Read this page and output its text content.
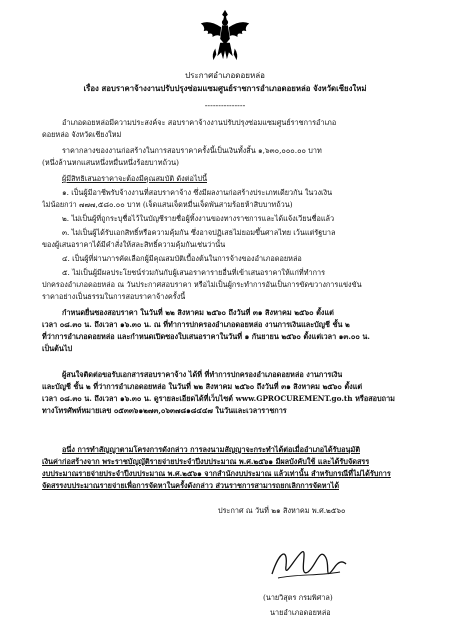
ประกาศอำเภอดอยหล่อ
เรื่อง สอบราคาจ้างงานปรับปรุงซ่อมแซมศูนย์ราชการอำเภอดอยหล่อ จังหวัดเชียงใหม่
---------------
อำเภอดอยหล่อมีความประสงค์จะ สอบราคาจ้างงานปรับปรุงซ่อมแซมศูนย์ราชการอำเภอ
ดอยหล่อ จังหวัดเชียงใหม่
ราคากลางของงานก่อสร้างในการสอบราคาครั้งนี้เป็นเงินทั้งสิ้น ๑,๖๓๐,๐๐๐.๐๐ บาท
(หนึ่งล้านหกแสนหนึ่งหมื่นหนึ่งร้อยบาทถ้วน)
ผู้มีสิทธิเสนอราคาจะต้องมีคุณสมบัติ ดังต่อไปนี้
๑. เป็นผู้มีอาชีพรับจ้างงานที่สอบราคาจ้าง ซึ่งมีผลงานก่อสร้างประเภทเดียวกัน ในวงเงิน
ไม่น้อยกว่า ๗๗๗,๕๘๐.๐๐ บาท (เจ็ดแสนเจ็ดหมื่นเจ็ดพันสามร้อยห้าสิบบาทถ้วน)
๒. ไม่เป็นผู้ที่ถูกระบุชื่อไว้ในบัญชีรายชื่อผู้ทิ้งงานของทางราชการและได้แจ้งเวียนชื่อแล้ว
๓. ไม่เป็นผู้ได้รับเอกสิทธิ์หรือความคุ้มกัน ซึ่งอาจปฏิเสธไม่ยอมขึ้นศาลไทย เว้นแต่รัฐบาล
ของผู้เสนอราคาได้มีคำสั่งให้สละสิทธิ์ความคุ้มกันเช่นว่านั้น
๔. เป็นผู้ที่ผ่านการคัดเลือกผู้มีคุณสมบัติเบื้องต้นในการจ้างของอำเภอดอยหล่อ
๕. ไม่เป็นผู้มีผลประโยชน์ร่วมกันกับผู้เสนอราคารายอื่นที่เข้าเสนอราคาให้แก่ที่ทำการ
ปกครองอำเภอดอยหล่อ ณ วันประกาศสอบราคา หรือไม่เป็นผู้กระทำการอันเป็นการขัดขวางการแข่งขัน
ราคาอย่างเป็นธรรมในการสอบราคาจ้างครั้งนี้
กำหนดยื่นซองสอบราคา ในวันที่ ๒๒ สิงหาคม ๒๕๖๐ ถึงวันที่ ๓๑ สิงหาคม ๒๕๖๐ ตั้งแต่
เวลา ๐๘.๓๐ น. ถึงเวลา ๑๖.๓๐ น. ณ ที่ทำการปกครองอำเภอดอยหล่อ งานการเงินและบัญชี ชั้น ๒
ที่ว่าการอำเภอดอยหล่อ และกำหนดเปิดซองใบเสนอราคาในวันที่ ๑ กันยายน ๒๕๖๐ ตั้งแต่เวลา ๑๓.๐๐ น.
เป็นต้นไป
ผู้สนใจติดต่อขอรับเอกสารสอบราคาจ้าง ได้ที่ ที่ทำการปกครองอำเภอดอยหล่อ งานการเงิน
และบัญชี ชั้น ๒ ที่ว่าการอำเภอดอยหล่อ ในวันที่ ๒๒ สิงหาคม ๒๕๖๐ ถึงวันที่ ๓๑ สิงหาคม ๒๕๖๐ ตั้งแต่
เวลา ๐๘.๓๐ น. ถึงเวลา ๑๖.๓๐ น. ดูรายละเอียดได้ที่เว็บไซต์ www.GPROCUREMENT.go.th หรือสอบถาม
ทางโทรศัพท์หมายเลข ๐๕๓๓๖๑๒๗๓,๐๖๓๗๘๑๘๔๔๗ ในวันและเวลาราชการ
อนึ่ง การทำสัญญาตามโครงการดังกล่าว การลงนามสัญญาจะกระทำได้ต่อเมื่ออำเภอได้รับอนุมัติ
เงินค่าก่อสร้างจาก พระราชบัญญัติรายจ่ายประจำปีงบประมาณ พ.ศ.๒๕๖๑ มีผลบังคับใช้ และได้รับจัดสรร
งบประมาณรายจ่ายประจำปีงบประมาณ พ.ศ.๒๕๖๑ จากสำนักงบประมาณ แล้วเท่านั้น สำหรับกรณีที่ไม่ได้รับการ
จัดสรรงบประมาณรายจ่ายเพื่อการจัดหาในครั้งดังกล่าว ส่วนราชการสามารถยกเลิกการจัดหาได้
ประกาศ ณ วันที่ ๒๑ สิงหาคม พ.ศ.๒๕๖๐
(นายวิสุตร กรมพิศาล)
นายอำเภอดอยหล่อ
